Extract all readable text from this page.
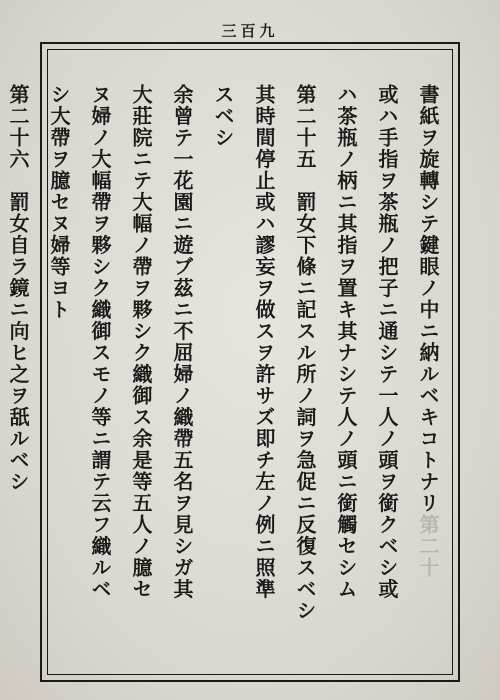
三百九
書紙ヲ旋轉シテ鍵眼ノ中ニ納ルベキコトナリ第二十
或ハ手指ヲ茶瓶ノ把子ニ通シテ一人ノ頭ヲ銜クベシ或
ハ茶瓶ノ柄ニ其指ヲ置キ其ナシテ人ノ頭ニ銜觸セシム
第二十五　罰女下條ニ記スル所ノ詞ヲ急促ニ反復スベシ
其時間停止或ハ謬妄ヲ做スヲ許サズ即チ左ノ例ニ照準
スベシ
余曾テ一花園ニ遊ブ茲ニ不屈婦ノ織帶五名ヲ見シガ其
大莊院ニテ大幅ノ帶ヲ夥シク織御ス余是等五人ノ臆セ
ヌ婦ノ大幅帶ヲ夥シク織御スモノ等ニ謂テ云フ織ルベ
シ大帶ヲ臆セヌ婦等ヨト
第二十六　罰女自ラ鏡ニ向ヒ之ヲ舐ルベシ
